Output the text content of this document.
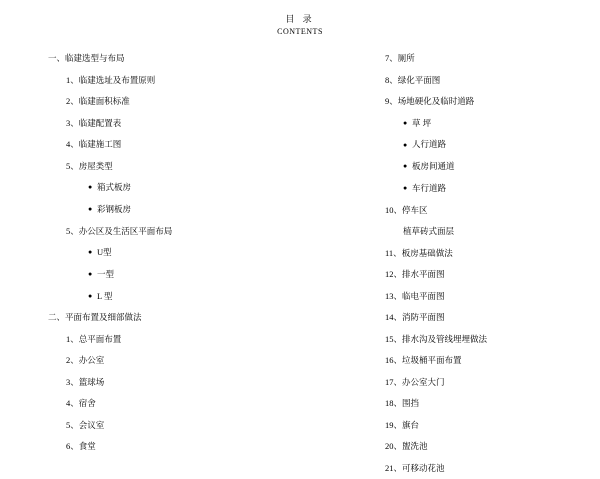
目 录
CONTENTS
一、临建选型与布局
1、临建选址及布置原则
2、临建面积标准
3、临建配置表
4、临建施工图
5、房屋类型
● 箱式板房
● 彩钢板房
5、办公区及生活区平面布局
● U型
● 一型
● L 型
二、平面布置及细部做法
1、总平面布置
2、办公室
3、篮球场
4、宿舍
5、会议室
6、食堂
7、厕所
8、绿化平面图
9、场地硬化及临时道路
● 草 坪
● 人行道路
● 板房间通道
● 车行道路
10、停车区
植草砖式面层
11、板房基础做法
12、排水平面图
13、临电平面图
14、消防平面图
15、排水沟及管线埋埋做法
16、垃圾桶平面布置
17、办公室大门
18、围挡
19、旗台
20、盥洗池
21、可移动花池
